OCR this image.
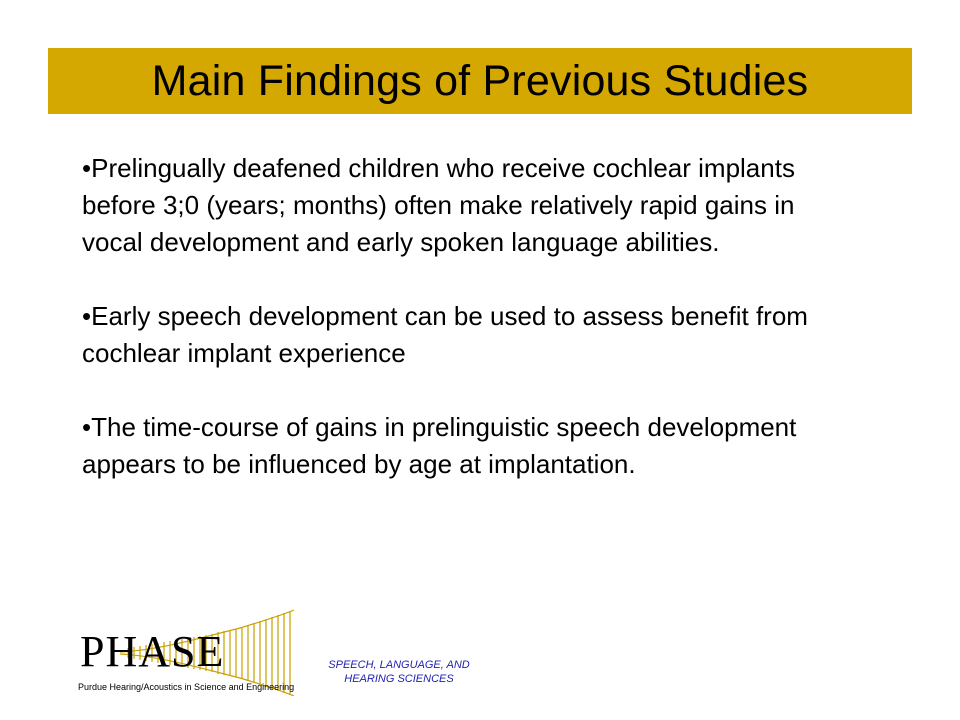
Main Findings of Previous Studies

•Prelingually deafened children who receive cochlear implants before 3;0 (years; months) often make relatively rapid gains in vocal development and early spoken language abilities.

•Early speech development can be used to assess benefit from cochlear implant experience

•The time-course of gains in prelinguistic speech development appears to be influenced by age at implantation.

PHASE
Purdue Hearing/Acoustics in Science and Engineering
SPEECH, LANGUAGE, AND
HEARING SCIENCES
